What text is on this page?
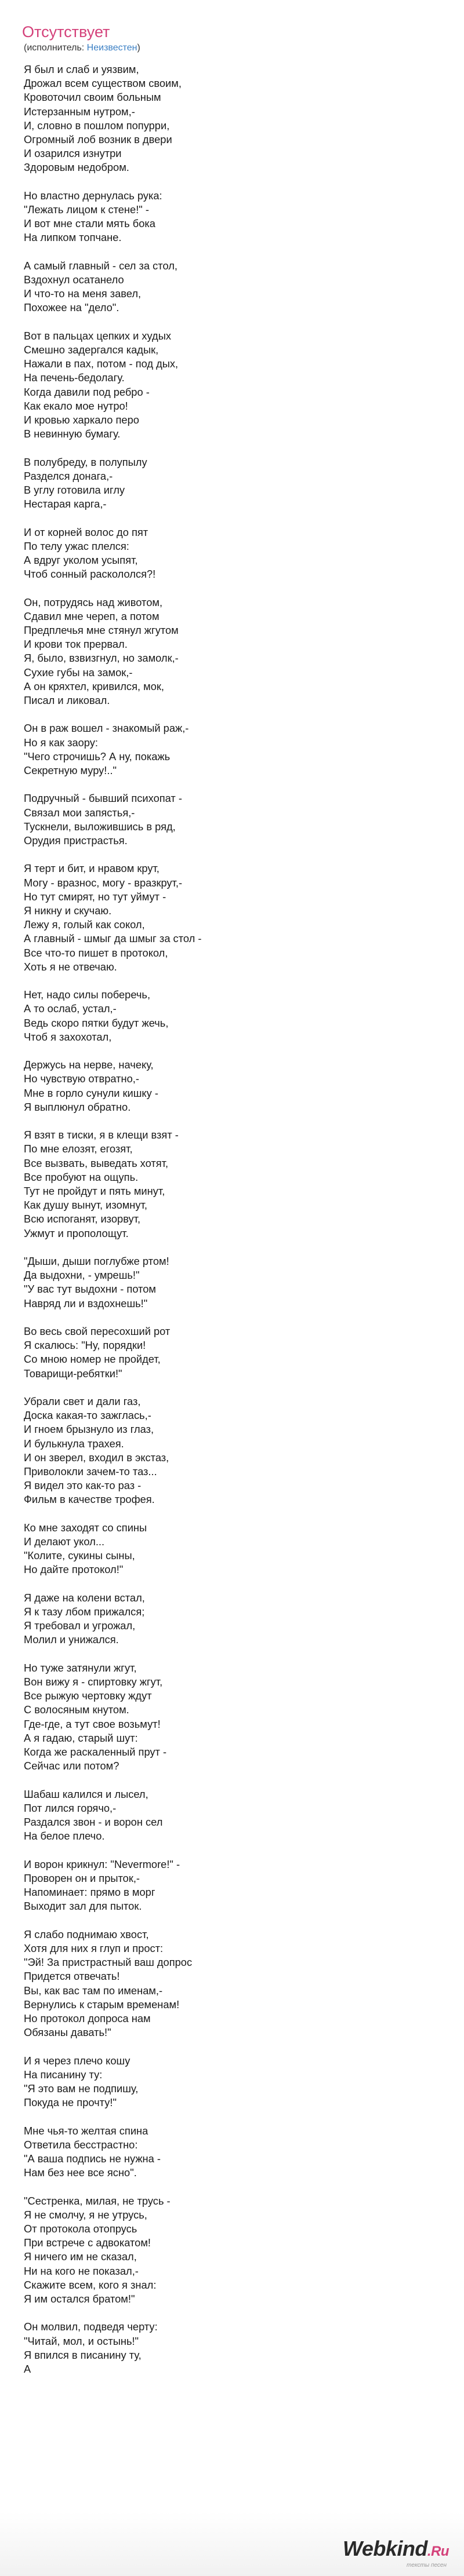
Отсутствует
(исполнитель: Неизвестен)
Я был и слаб и уязвим,
Дрожал всем существом своим,
Кровоточил своим больным
Истерзанным нутром,-
И, словно в пошлом попурри,
Огромный лоб возник в двери
И озарился изнутри
Здоровым недобром.
Но властно дернулась рука:
"Лежать лицом к стене!" -
И вот мне стали мять бока
На липком топчане.
А самый главный - сел за стол,
Вздохнул осатанело
И что-то на меня завел,
Похожее на "дело".
Вот в пальцах цепких и худых
Смешно задергался кадык,
Нажали в пах, потом - под дых,
На печень-бедолагу.
Когда давили под ребро -
Как екало мое нутро!
И кровью харкало перо
В невинную бумагу.
В полубреду, в полупылу
Разделся донага,-
В углу готовила иглу
Нестарая карга,-
И от корней волос до пят
По телу ужас плелся:
А вдруг уколом усыпят,
Чтоб сонный раскололся?!
Он, потрудясь над животом,
Сдавил мне череп, а потом
Предплечья мне стянул жгутом
И крови ток прервал.
Я, было, взвизгнул, но замолк,-
Сухие губы на замок,-
А он кряхтел, кривился, мок,
Писал и ликовал.
Он в раж вошел - знакомый раж,-
Но я как заору:
"Чего строчишь? А ну, покажь
Секретную муру!.."
Подручный - бывший психопат -
Связал мои запястья,-
Тускнели, выложившись в ряд,
Орудия пристрастья.
Я терт и бит, и нравом крут,
Могу - вразнос, могу - вразкрут,-
Но тут смирят, но тут уймут -
Я никну и скучаю.
Лежу я, голый как сокол,
А главный - шмыг да шмыг за стол -
Все что-то пишет в протокол,
Хоть я не отвечаю.
Нет, надо силы поберечь,
А то ослаб, устал,-
Ведь скоро пятки будут жечь,
Чтоб я захохотал,
Держусь на нерве, начеку,
Но чувствую отвратно,-
Мне в горло сунули кишку -
Я выплюнул обратно.
Я взят в тиски, я в клещи взят -
По мне елозят, егозят,
Все вызвать, выведать хотят,
Все пробуют на ощупь.
Тут не пройдут и пять минут,
Как душу вынут, изомнут,
Всю испоганят, изорвут,
Ужмут и прополощут.
"Дыши, дыши поглубже ртом!
Да выдохни, - умрешь!"
"У вас тут выдохни - потом
Навряд ли и вздохнешь!"
Во весь свой пересохший рот
Я скалюсь: "Ну, порядки!
Со мною номер не пройдет,
Товарищи-ребятки!"
Убрали свет и дали газ,
Доска какая-то зажглась,-
И гноем брызнуло из глаз,
И булькнула трахея.
И он зверел, входил в экстаз,
Приволокли зачем-то таз...
Я видел это как-то раз -
Фильм в качестве трофея.
Ко мне заходят со спины
И делают укол...
"Колите, сукины сыны,
Но дайте протокол!"
Я даже на колени встал,
Я к тазу лбом прижался;
Я требовал и угрожал,
Молил и унижался.
Но туже затянули жгут,
Вон вижу я - спиртовку жгут,
Все рыжую чертовку ждут
С волосяным кнутом.
Где-где, а тут свое возьмут!
А я гадаю, старый шут:
Когда же раскаленный прут -
Сейчас или потом?
Шабаш калился и лысел,
Пот лился горячо,-
Раздался звон - и ворон сел
На белое плечо.
И ворон крикнул: "Nevermore!" -
Проворен он и прыток,-
Напоминает: прямо в морг
Выходит зал для пыток.
Я слабо поднимаю хвост,
Хотя для них я глуп и прост:
"Эй! За пристрастный ваш допрос
Придется отвечать!
Вы, как вас там по именам,-
Вернулись к старым временам!
Но протокол допроса нам
Обязаны давать!"
И я через плечо кошу
На писанину ту:
"Я это вам не подпишу,
Покуда не прочту!"
Мне чья-то желтая спина
Ответила бесстрастно:
"А ваша подпись не нужна -
Нам без нее все ясно".
"Сестренка, милая, не трусь -
Я не смолчу, я не утрусь,
От протокола отопрусь
При встрече с адвокатом!
Я ничего им не сказал,
Ни на кого не показал,-
Скажите всем, кого я знал:
Я им остался братом!"
Он молвил, подведя черту:
"Читай, мол, и остынь!"
Я впился в писанину ту,
А
Webkind.Ru
тексты песен
